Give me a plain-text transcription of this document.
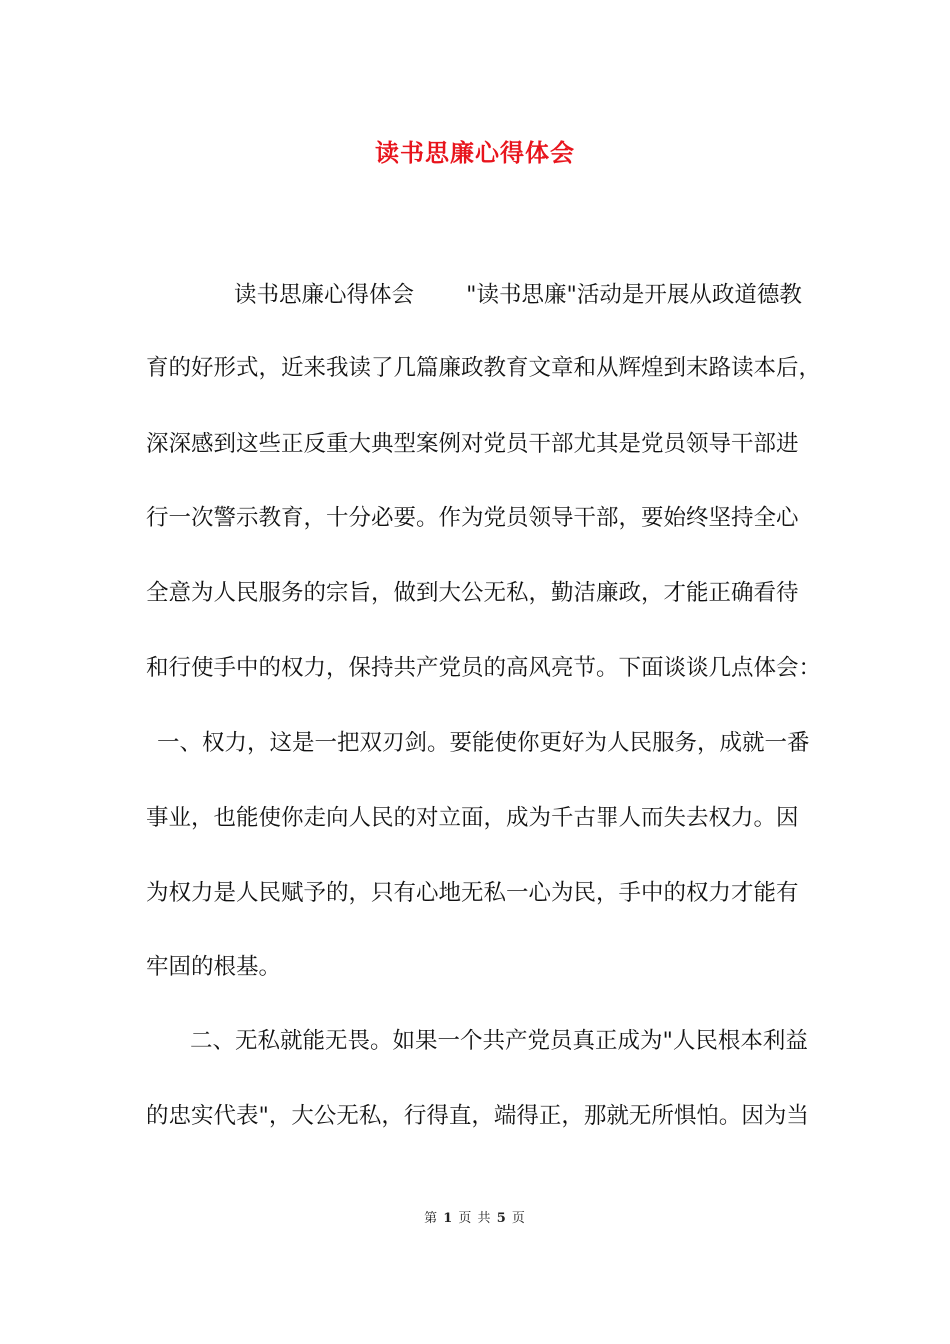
读书思廉心得体会
读书思廉心得体会 　　"读书思廉"活动是开展从政道德教
育的好形式，近来我读了几篇廉政教育文章和从辉煌到末路读本后，
深深感到这些正反重大典型案例对党员干部尤其是党员领导干部进
行一次警示教育，十分必要。作为党员领导干部，要始终坚持全心
全意为人民服务的宗旨，做到大公无私，勤洁廉政，才能正确看待
和行使手中的权力，保持共产党员的高风亮节。下面谈谈几点体会：
一、权力，这是一把双刃剑。要能使你更好为人民服务，成就一番
事业，也能使你走向人民的对立面，成为千古罪人而失去权力。因
为权力是人民赋予的，只有心地无私一心为民，手中的权力才能有
牢固的根基。
二、无私就能无畏。如果一个共产党员真正成为"人民根本利益
的忠实代表"，大公无私，行得直，端得正，那就无所惧怕。因为当
第 1 页 共 5 页
